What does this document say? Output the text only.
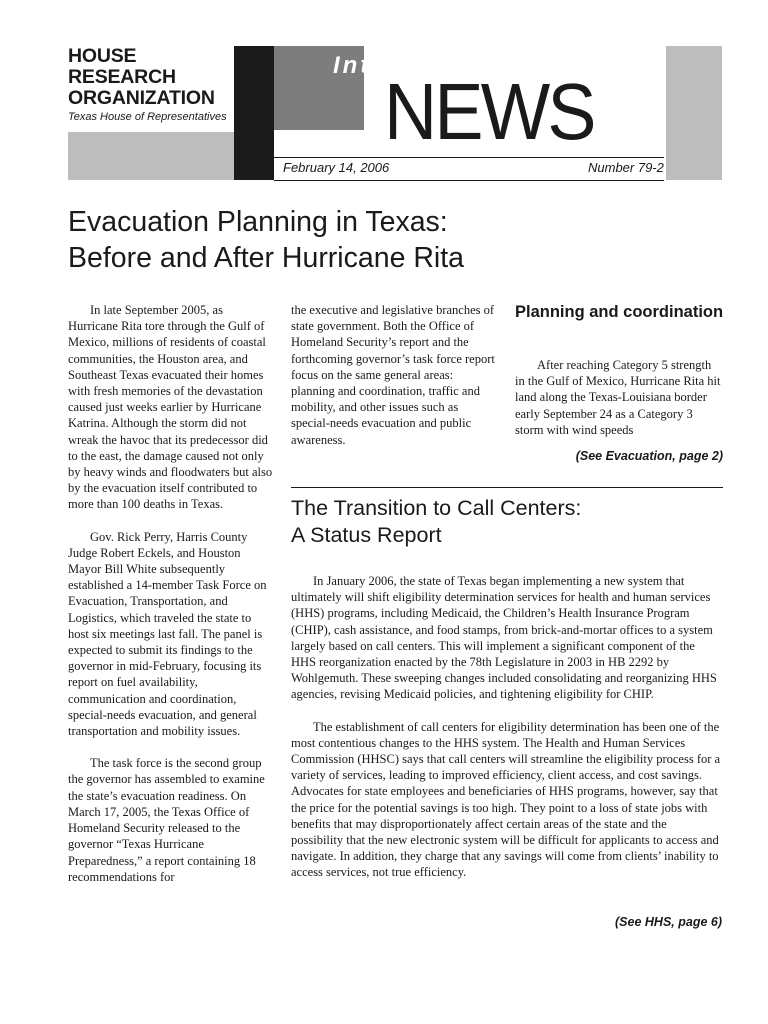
HOUSE
RESEARCH
ORGANIZATION
Texas House of Representatives
Interim
NEWS
February 14, 2006	Number 79-2
Evacuation Planning in Texas:
Before and After Hurricane Rita

In late September 2005, as Hurricane Rita tore through the Gulf of Mexico, millions of residents of coastal communities, the Houston area, and Southeast Texas evacuated their homes with fresh memories of the devastation caused just weeks earlier by Hurricane Katrina. Although the storm did not wreak the havoc that its predecessor did to the east, the damage caused not only by heavy winds and floodwaters but also by the evacuation itself contributed to more than 100 deaths in Texas.

Gov. Rick Perry, Harris County Judge Robert Eckels, and Houston Mayor Bill White subsequently established a 14-member Task Force on Evacuation, Transportation, and Logistics, which traveled the state to host six meetings last fall. The panel is expected to submit its findings to the governor in mid-February, focusing its report on fuel availability, communication and coordination, special-needs evacuation, and general transportation and mobility issues.

The task force is the second group the governor has assembled to examine the state’s evacuation readiness. On March 17, 2005, the Texas Office of Homeland Security released to the governor “Texas Hurricane Preparedness,” a report containing 18 recommendations for

the executive and legislative branches of state government. Both the Office of Homeland Security’s report and the forthcoming governor’s task force report focus on the same general areas: planning and coordination, traffic and mobility, and other issues such as special-needs evacuation and public awareness.

Planning and coordination

After reaching Category 5 strength in the Gulf of Mexico, Hurricane Rita hit land along the Texas-Louisiana border early September 24 as a Category 3 storm with wind speeds

(See Evacuation, page 2)
The Transition to Call Centers:
A Status Report

In January 2006, the state of Texas began implementing a new system that ultimately will shift eligibility determination services for health and human services (HHS) programs, including Medicaid, the Children’s Health Insurance Program (CHIP), cash assistance, and food stamps, from brick-and-mortar offices to a system largely based on call centers. This will implement a significant component of the HHS reorganization enacted by the 78th Legislature in 2003 in HB 2292 by Wohlgemuth. These sweeping changes included consolidating and reorganizing HHS agencies, revising Medicaid policies, and tightening eligibility for CHIP.

The establishment of call centers for eligibility determination has been one of the most contentious changes to the HHS system. The Health and Human Services Commission (HHSC) says that call centers will streamline the eligibility process for a variety of services, leading to improved efficiency, client access, and cost savings. Advocates for state employees and beneficiaries of HHS programs, however, say that the price for the potential savings is too high. They point to a loss of state jobs with benefits that may disproportionately affect certain areas of the state and the possibility that the new electronic system will be difficult for applicants to access and navigate. In addition, they charge that any savings will come from clients’ inability to access services, not true efficiency.

(See HHS, page 6)
